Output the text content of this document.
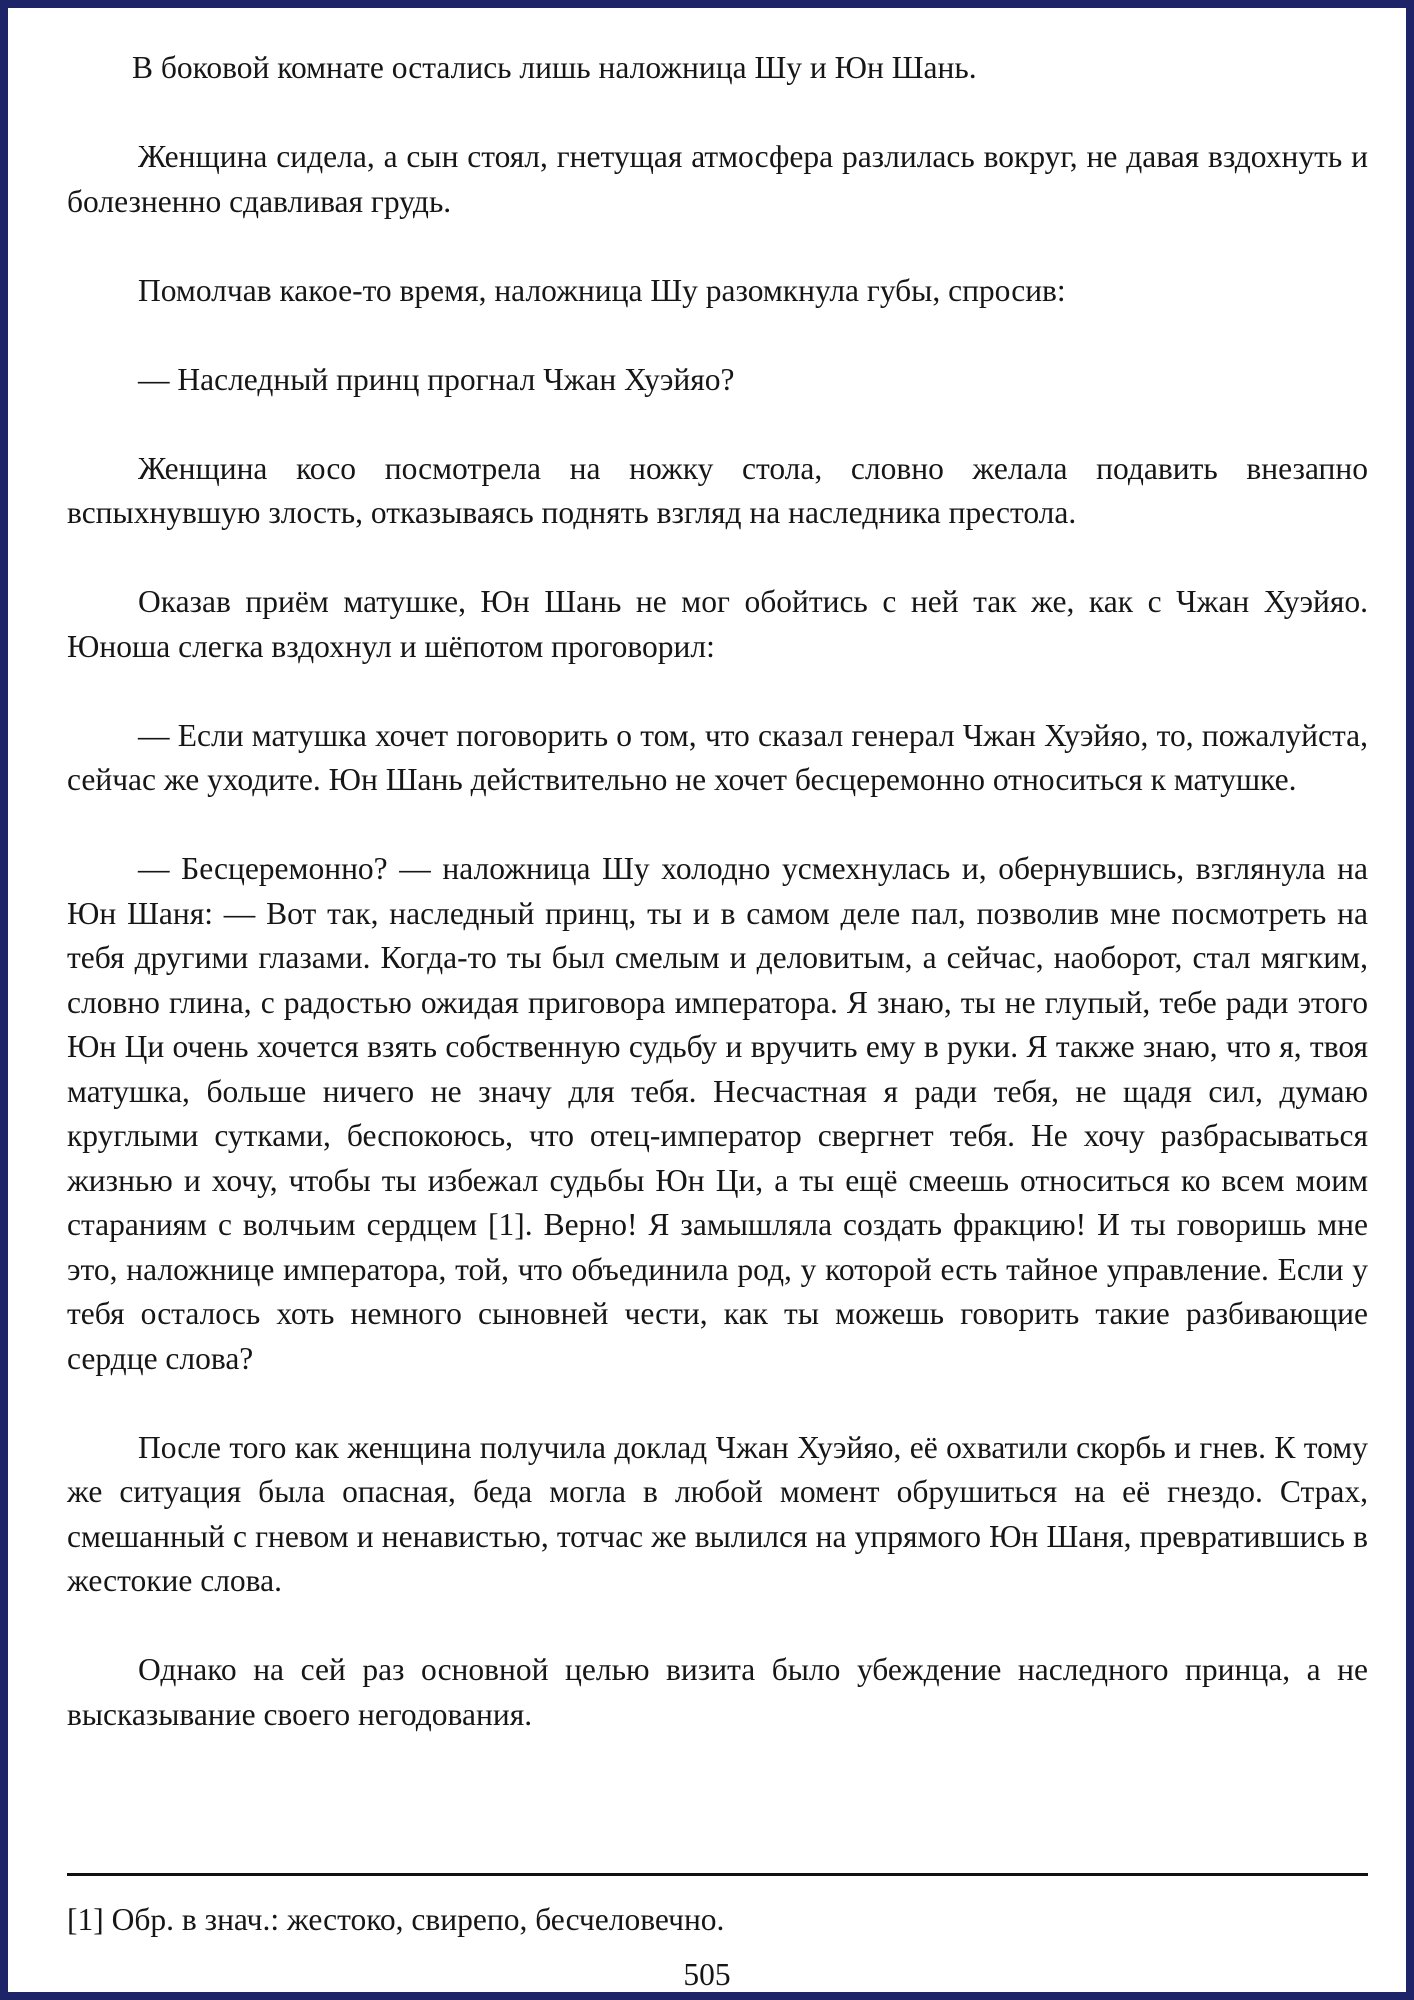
В боковой комнате остались лишь наложница Шу и Юн Шань.

Женщина сидела, а сын стоял, гнетущая атмосфера разлилась вокруг, не давая вздохнуть и болезненно сдавливая грудь.

Помолчав какое-то время, наложница Шу разомкнула губы, спросив:

— Наследный принц прогнал Чжан Хуэйяо?

Женщина косо посмотрела на ножку стола, словно желала подавить внезапно вспыхнувшую злость, отказываясь поднять взгляд на наследника престола.

Оказав приём матушке, Юн Шань не мог обойтись с ней так же, как с Чжан Хуэйяо. Юноша слегка вздохнул и шёпотом проговорил:

— Если матушка хочет поговорить о том, что сказал генерал Чжан Хуэйяо, то, пожалуйста, сейчас же уходите. Юн Шань действительно не хочет бесцеремонно относиться к матушке.

— Бесцеремонно? — наложница Шу холодно усмехнулась и, обернувшись, взглянула на Юн Шаня: — Вот так, наследный принц, ты и в самом деле пал, позволив мне посмотреть на тебя другими глазами. Когда-то ты был смелым и деловитым, а сейчас, наоборот, стал мягким, словно глина, с радостью ожидая приговора императора. Я знаю, ты не глупый, тебе ради этого Юн Ци очень хочется взять собственную судьбу и вручить ему в руки. Я также знаю, что я, твоя матушка, больше ничего не значу для тебя. Несчастная я ради тебя, не щадя сил, думаю круглыми сутками, беспокоюсь, что отец-император свергнет тебя. Не хочу разбрасываться жизнью и хочу, чтобы ты избежал судьбы Юн Ци, а ты ещё смеешь относиться ко всем моим стараниям с волчьим сердцем [1]. Верно! Я замышляла создать фракцию! И ты говоришь мне это, наложнице императора, той, что объединила род, у которой есть тайное управление. Если у тебя осталось хоть немного сыновней чести, как ты можешь говорить такие разбивающие сердце слова?

После того как женщина получила доклад Чжан Хуэйяо, её охватили скорбь и гнев. К тому же ситуация была опасная, беда могла в любой момент обрушиться на её гнездо. Страх, смешанный с гневом и ненавистью, тотчас же вылился на упрямого Юн Шаня, превратившись в жестокие слова.

Однако на сей раз основной целью визита было убеждение наследного принца, а не высказывание своего негодования.

[1] Обр. в знач.: жестоко, свирепо, бесчеловечно.

505
